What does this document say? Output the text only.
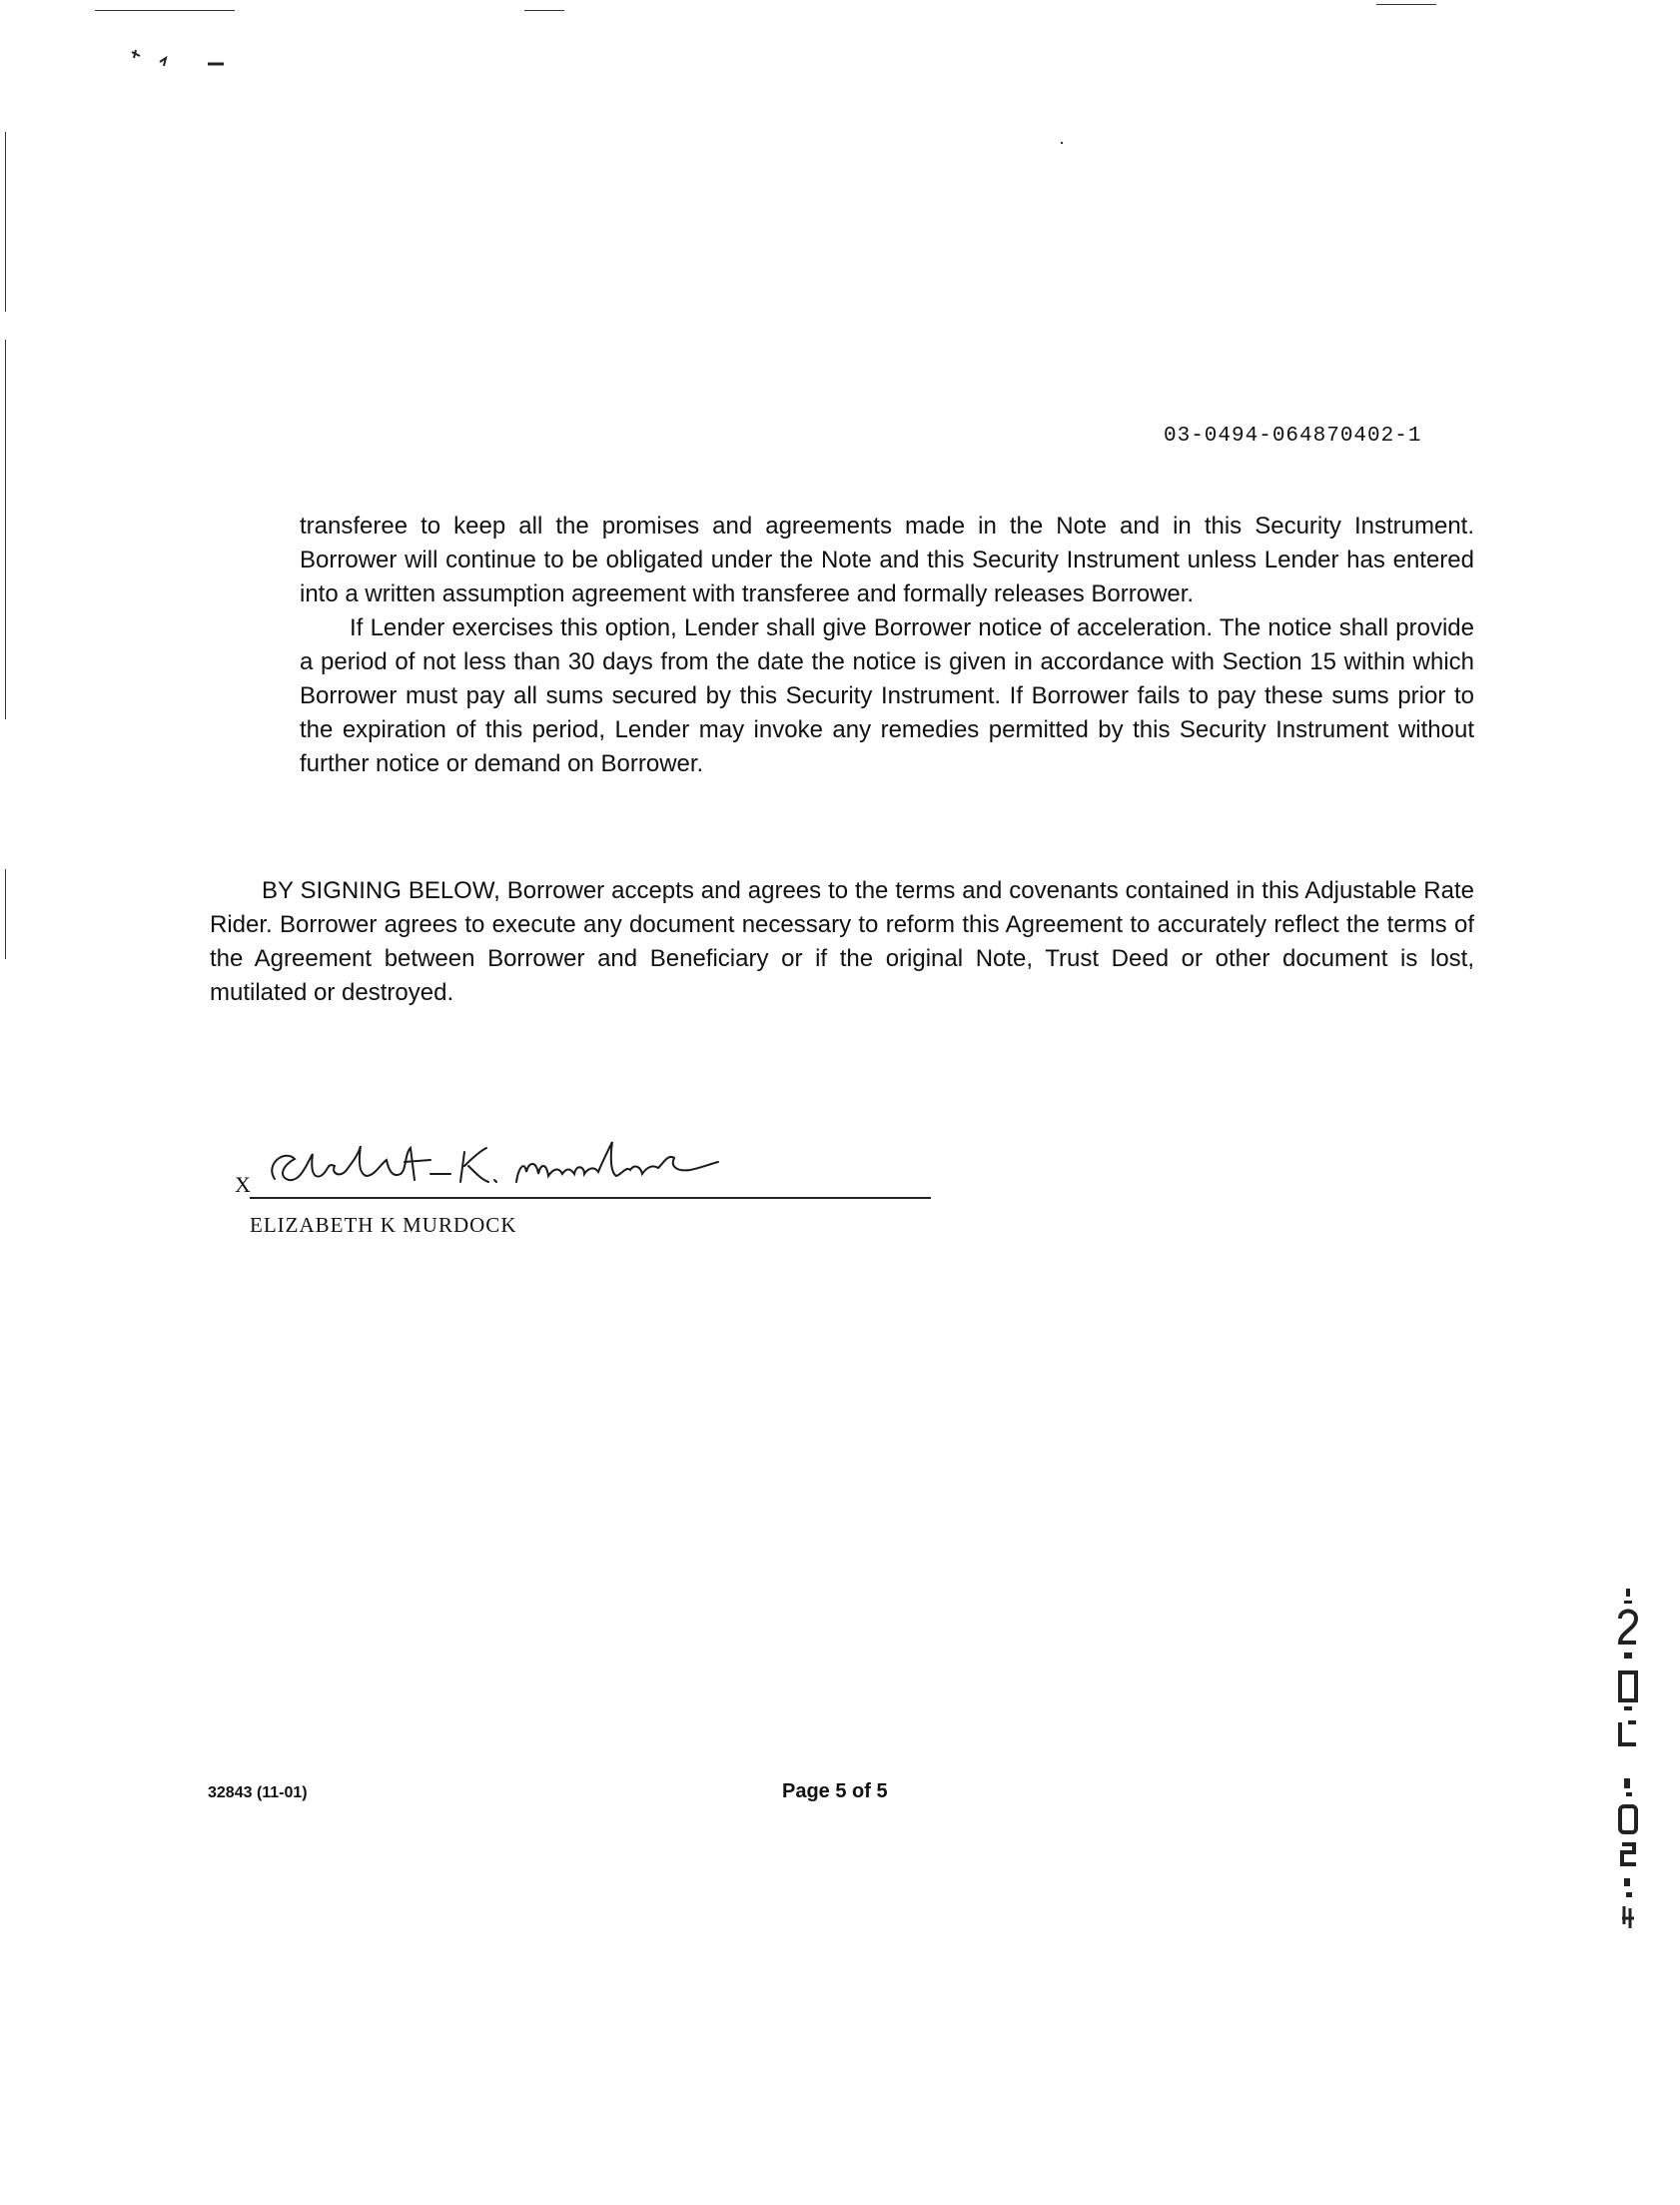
03-0494-064870402-1

transferee to keep all the promises and agreements made in the Note and in this Security Instrument. Borrower will continue to be obligated under the Note and this Security Instrument unless Lender has entered into a written assumption agreement with transferee and formally releases Borrower.

If Lender exercises this option, Lender shall give Borrower notice of acceleration. The notice shall provide a period of not less than 30 days from the date the notice is given in accordance with Section 15 within which Borrower must pay all sums secured by this Security Instrument. If Borrower fails to pay these sums prior to the expiration of this period, Lender may invoke any remedies permitted by this Security Instrument without further notice or demand on Borrower.

BY SIGNING BELOW, Borrower accepts and agrees to the terms and covenants contained in this Adjustable Rate Rider. Borrower agrees to execute any document necessary to reform this Agreement to accurately reflect the terms of the Agreement between Borrower and Beneficiary or if the original Note, Trust Deed or other document is lost, mutilated or destroyed.

X
ELIZABETH K MURDOCK
32843 (11-01)	Page 5 of 5
